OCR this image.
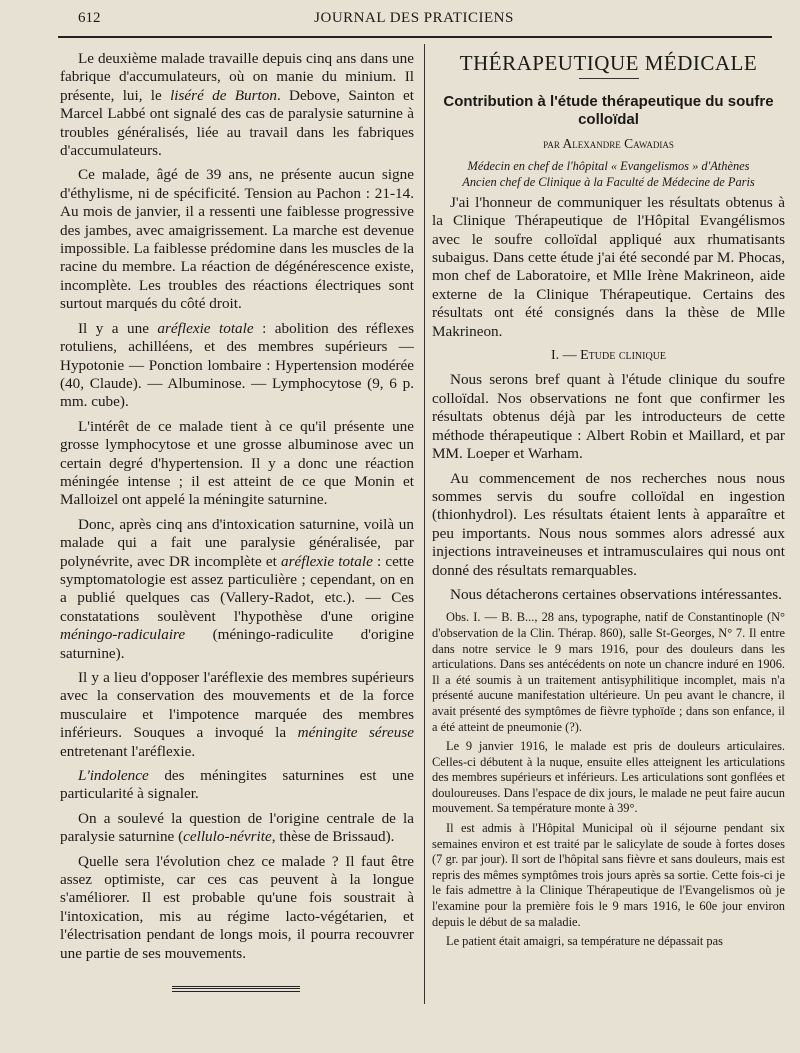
612	JOURNAL DES PRATICIENS

Le deuxième malade travaille depuis cinq ans dans une fabrique d'accumulateurs, où on manie du minium. Il présente, lui, le liséré de Burton. Debove, Sainton et Marcel Labbé ont signalé des cas de paralysie saturnine à troubles généralisés, liée au travail dans les fabriques d'accumulateurs.

Ce malade, âgé de 39 ans, ne présente aucun signe d'éthylisme, ni de spécificité. Tension au Pachon : 21-14. Au mois de janvier, il a ressenti une faiblesse progressive des jambes, avec amaigrissement. La marche est devenue impossible. La faiblesse prédomine dans les muscles de la racine du membre. La réaction de dégénérescence existe, incomplète. Les troubles des réactions électriques sont surtout marqués du côté droit.

Il y a une aréflexie totale : abolition des réflexes rotuliens, achilléens, et des membres supérieurs — Hypotonie — Ponction lombaire : Hypertension modérée (40, Claude). — Albuminose. — Lymphocytose (9, 6 p. mm. cube).

L'intérêt de ce malade tient à ce qu'il présente une grosse lymphocytose et une grosse albuminose avec un certain degré d'hypertension. Il y a donc une réaction méningée intense ; il est atteint de ce que Monin et Malloizel ont appelé la méningite saturnine.

Donc, après cinq ans d'intoxication saturnine, voilà un malade qui a fait une paralysie généralisée, par polynévrite, avec DR incomplète et aréflexie totale : cette symptomatologie est assez particulière ; cependant, on en a publié quelques cas (Vallery-Radot, etc.). — Ces constatations soulèvent l'hypothèse d'une origine méningo-radiculaire (méningo-radiculite d'origine saturnine).

Il y a lieu d'opposer l'aréflexie des membres supérieurs avec la conservation des mouvements et de la force musculaire et l'impotence marquée des membres inférieurs. Souques a invoqué la méningite séreuse entretenant l'aréflexie.

L'indolence des méningites saturnines est une particularité à signaler.

On a soulevé la question de l'origine centrale de la paralysie saturnine (cellulo-névrite, thèse de Brissaud).

Quelle sera l'évolution chez ce malade ? Il faut être assez optimiste, car ces cas peuvent à la longue s'améliorer. Il est probable qu'une fois soustrait à l'intoxication, mis au régime lacto-végétarien, et l'électrisation pendant de longs mois, il pourra recouvrer une partie de ses mouvements.

THÉRAPEUTIQUE MÉDICALE
Contribution à l'étude thérapeutique du soufre colloïdal
par Alexandre Cawadias
Médecin en chef de l'hôpital « Evangelismos » d'Athènes
Ancien chef de Clinique à la Faculté de Médecine de Paris

J'ai l'honneur de communiquer les résultats obtenus à la Clinique Thérapeutique de l'Hôpital Evangélismos avec le soufre colloïdal appliqué aux rhumatisants subaigus. Dans cette étude j'ai été secondé par M. Phocas, mon chef de Laboratoire, et Mlle Irène Makrineon, aide externe de la Clinique Thérapeutique. Certains des résultats ont été consignés dans la thèse de Mlle Makrineon.

I. — Etude clinique

Nous serons bref quant à l'étude clinique du soufre colloïdal. Nos observations ne font que confirmer les résultats obtenus déjà par les introducteurs de cette méthode thérapeutique : Albert Robin et Maillard, et par MM. Loeper et Warham.

Au commencement de nos recherches nous nous sommes servis du soufre colloïdal en ingestion (thionhydrol). Les résultats étaient lents à apparaître et peu importants. Nous nous sommes alors adressé aux injections intraveineuses et intramusculaires qui nous ont donné des résultats remarquables.

Nous détacherons certaines observations intéressantes.

Obs. I. — B. B..., 28 ans, typographe, natif de Constantinople (N° d'observation de la Clin. Thérap. 860), salle St-Georges, N° 7. Il entre dans notre service le 9 mars 1916, pour des douleurs dans les articulations. Dans ses antécédents on note un chancre induré en 1906. Il a été soumis à un traitement antisyphilitique incomplet, mais n'a présenté aucune manifestation ultérieure. Un peu avant le chancre, il avait présenté des symptômes de fièvre typhoïde ; dans son enfance, il a été atteint de pneumonie (?).

Le 9 janvier 1916, le malade est pris de douleurs articulaires. Celles-ci débutent à la nuque, ensuite elles atteignent les articulations des membres supérieurs et inférieurs. Les articulations sont gonflées et douloureuses. Dans l'espace de dix jours, le malade ne peut faire aucun mouvement. Sa température monte à 39°.

Il est admis à l'Hôpital Municipal où il séjourne pendant six semaines environ et est traité par le salicylate de soude à fortes doses (7 gr. par jour). Il sort de l'hôpital sans fièvre et sans douleurs, mais est repris des mêmes symptômes trois jours après sa sortie. Cette fois-ci je le fais admettre à la Clinique Thérapeutique de l'Evangelismos où je l'examine pour la première fois le 9 mars 1916, le 60e jour environ depuis le début de sa maladie.

Le patient était amaigri, sa température ne dépassait pas
